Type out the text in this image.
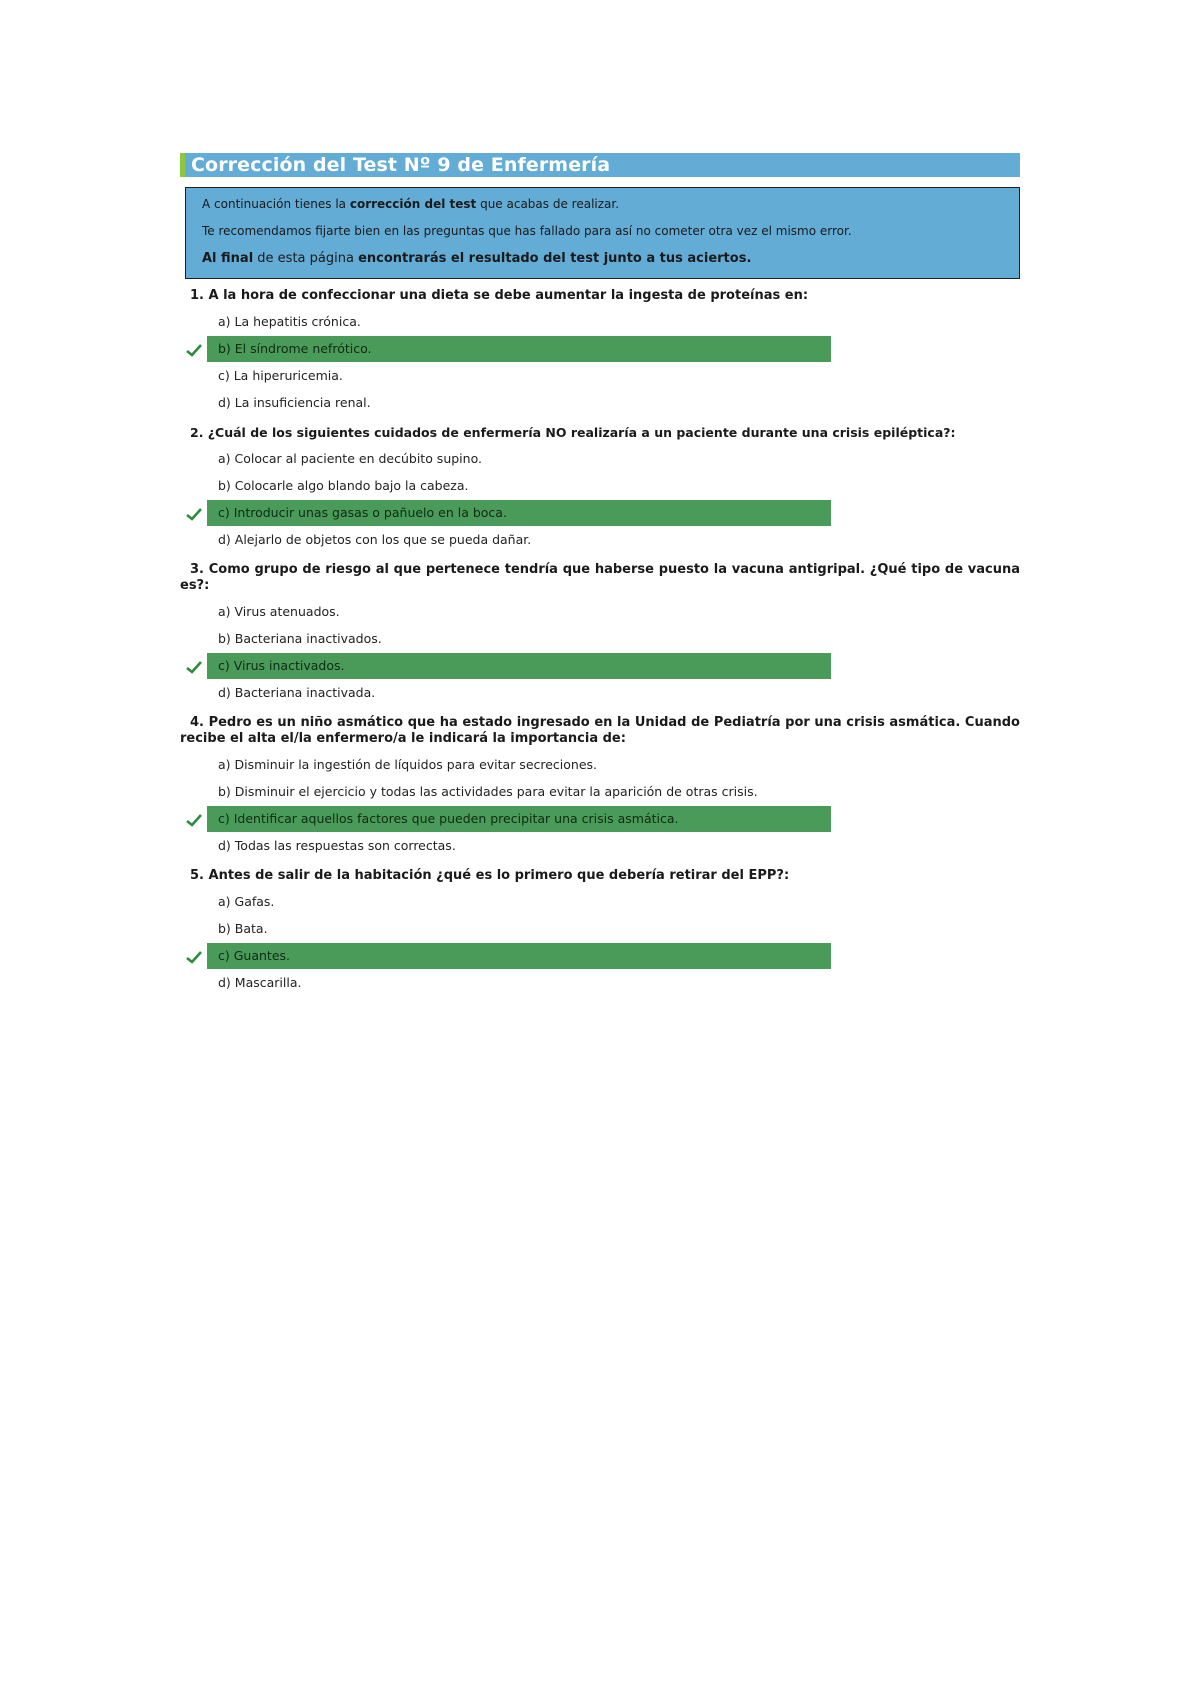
Corrección del Test Nº 9 de Enfermería
A continuación tienes la corrección del test que acabas de realizar.
Te recomendamos fijarte bien en las preguntas que has fallado para así no cometer otra vez el mismo error.
Al final de esta página encontrarás el resultado del test junto a tus aciertos.
1. A la hora de confeccionar una dieta se debe aumentar la ingesta de proteínas en:
a) La hepatitis crónica.
b) El síndrome nefrótico.
c) La hiperuricemia.
d) La insuficiencia renal.
2. ¿Cuál de los siguientes cuidados de enfermería NO realizaría a un paciente durante una crisis epiléptica?:
a) Colocar al paciente en decúbito supino.
b) Colocarle algo blando bajo la cabeza.
c) Introducir unas gasas o pañuelo en la boca.
d) Alejarlo de objetos con los que se pueda dañar.
3. Como grupo de riesgo al que pertenece tendría que haberse puesto la vacuna antigripal. ¿Qué tipo de vacuna es?:
a) Virus atenuados.
b) Bacteriana inactivados.
c) Virus inactivados.
d) Bacteriana inactivada.
4. Pedro es un niño asmático que ha estado ingresado en la Unidad de Pediatría por una crisis asmática. Cuando recibe el alta el/la enfermero/a le indicará la importancia de:
a) Disminuir la ingestión de líquidos para evitar secreciones.
b) Disminuir el ejercicio y todas las actividades para evitar la aparición de otras crisis.
c) Identificar aquellos factores que pueden precipitar una crisis asmática.
d) Todas las respuestas son correctas.
5. Antes de salir de la habitación ¿qué es lo primero que debería retirar del EPP?:
a) Gafas.
b) Bata.
c) Guantes.
d) Mascarilla.
